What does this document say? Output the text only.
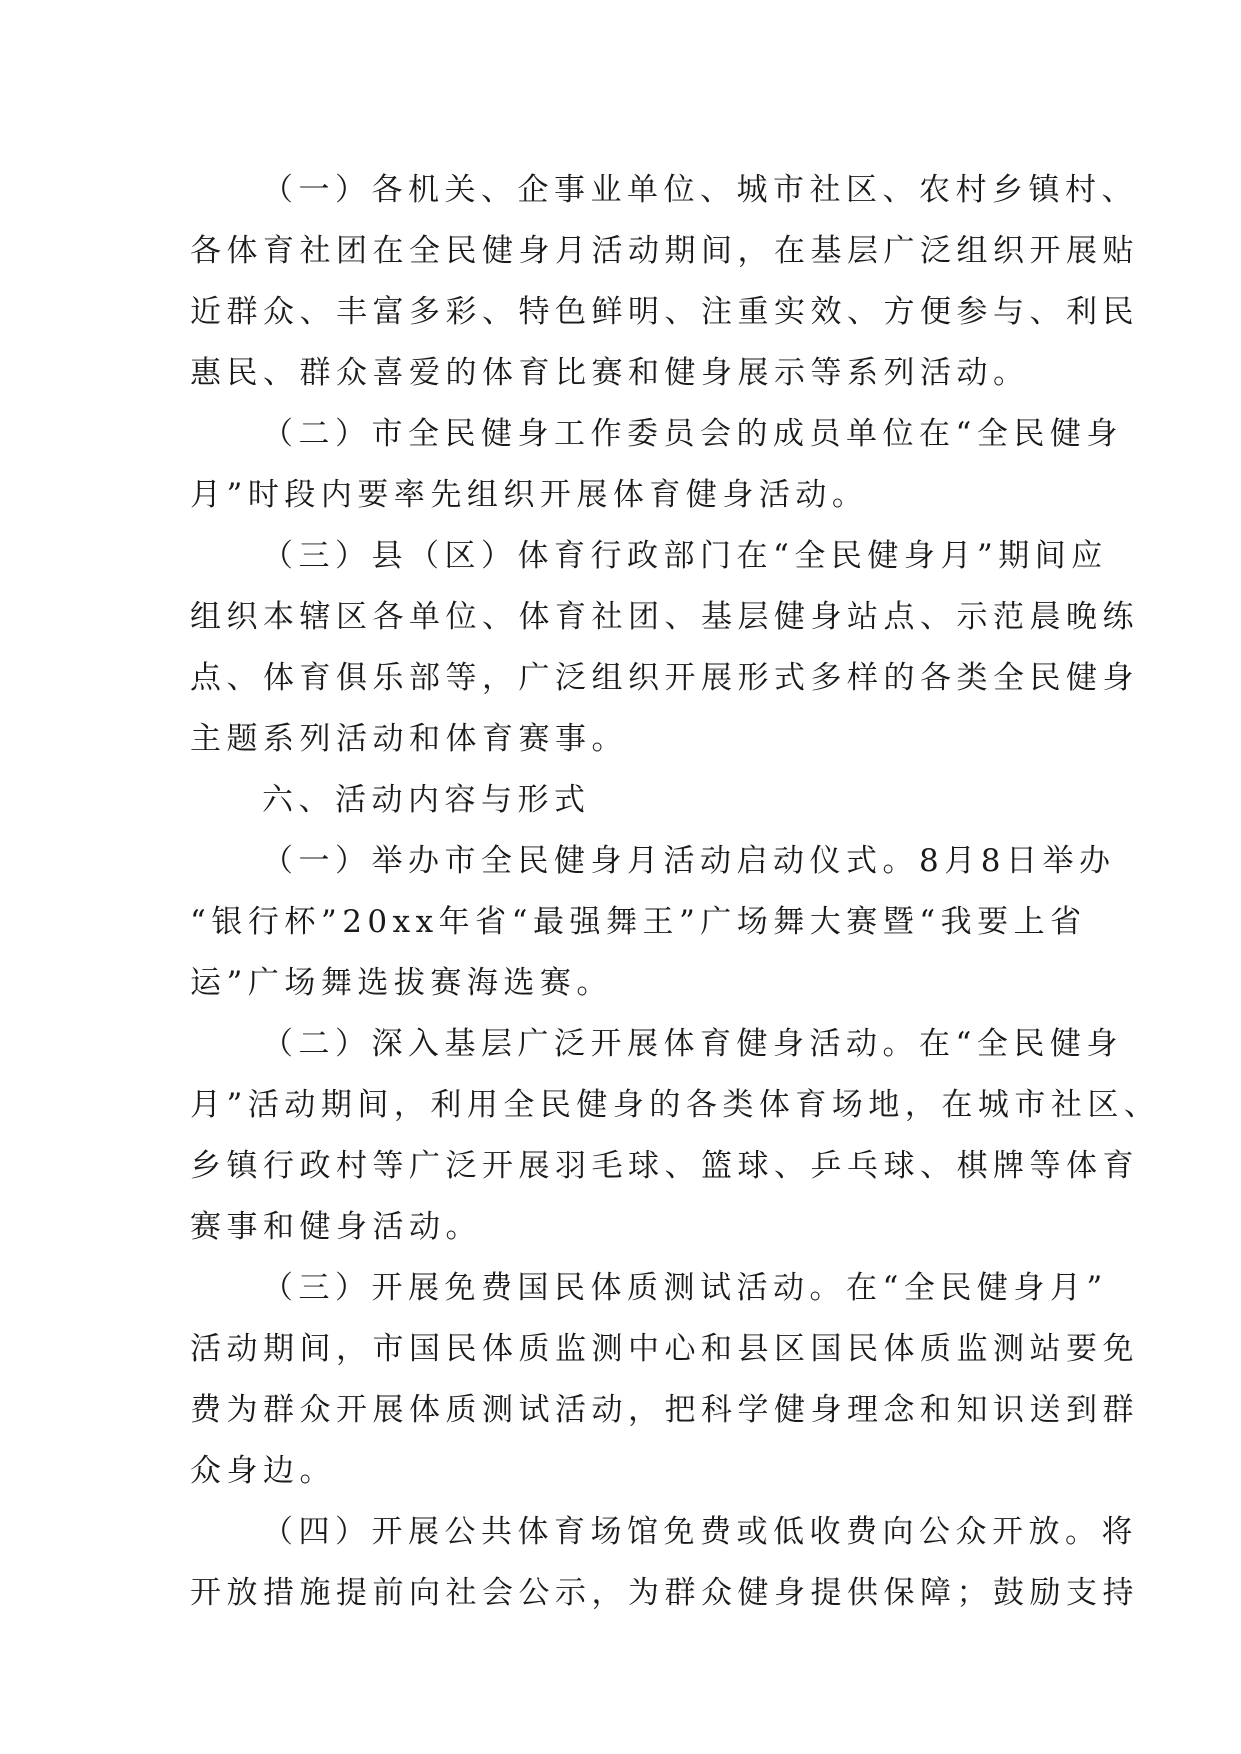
（一）各机关、企事业单位、城市社区、农村乡镇村、
各体育社团在全民健身月活动期间，在基层广泛组织开展贴
近群众、丰富多彩、特色鲜明、注重实效、方便参与、利民
惠民、群众喜爱的体育比赛和健身展示等系列活动。
（二）市全民健身工作委员会的成员单位在“全民健身
月”时段内要率先组织开展体育健身活动。
（三）县（区）体育行政部门在“全民健身月”期间应
组织本辖区各单位、体育社团、基层健身站点、示范晨晚练
点、体育俱乐部等，广泛组织开展形式多样的各类全民健身
主题系列活动和体育赛事。
六、活动内容与形式
（一）举办市全民健身月活动启动仪式。8月8日举办
“银行杯”20xx年省“最强舞王”广场舞大赛暨“我要上省
运”广场舞选拔赛海选赛。
（二）深入基层广泛开展体育健身活动。在“全民健身
月”活动期间，利用全民健身的各类体育场地，在城市社区、
乡镇行政村等广泛开展羽毛球、篮球、乒乓球、棋牌等体育
赛事和健身活动。
（三）开展免费国民体质测试活动。在“全民健身月”
活动期间，市国民体质监测中心和县区国民体质监测站要免
费为群众开展体质测试活动，把科学健身理念和知识送到群
众身边。
（四）开展公共体育场馆免费或低收费向公众开放。将
开放措施提前向社会公示，为群众健身提供保障；鼓励支持
